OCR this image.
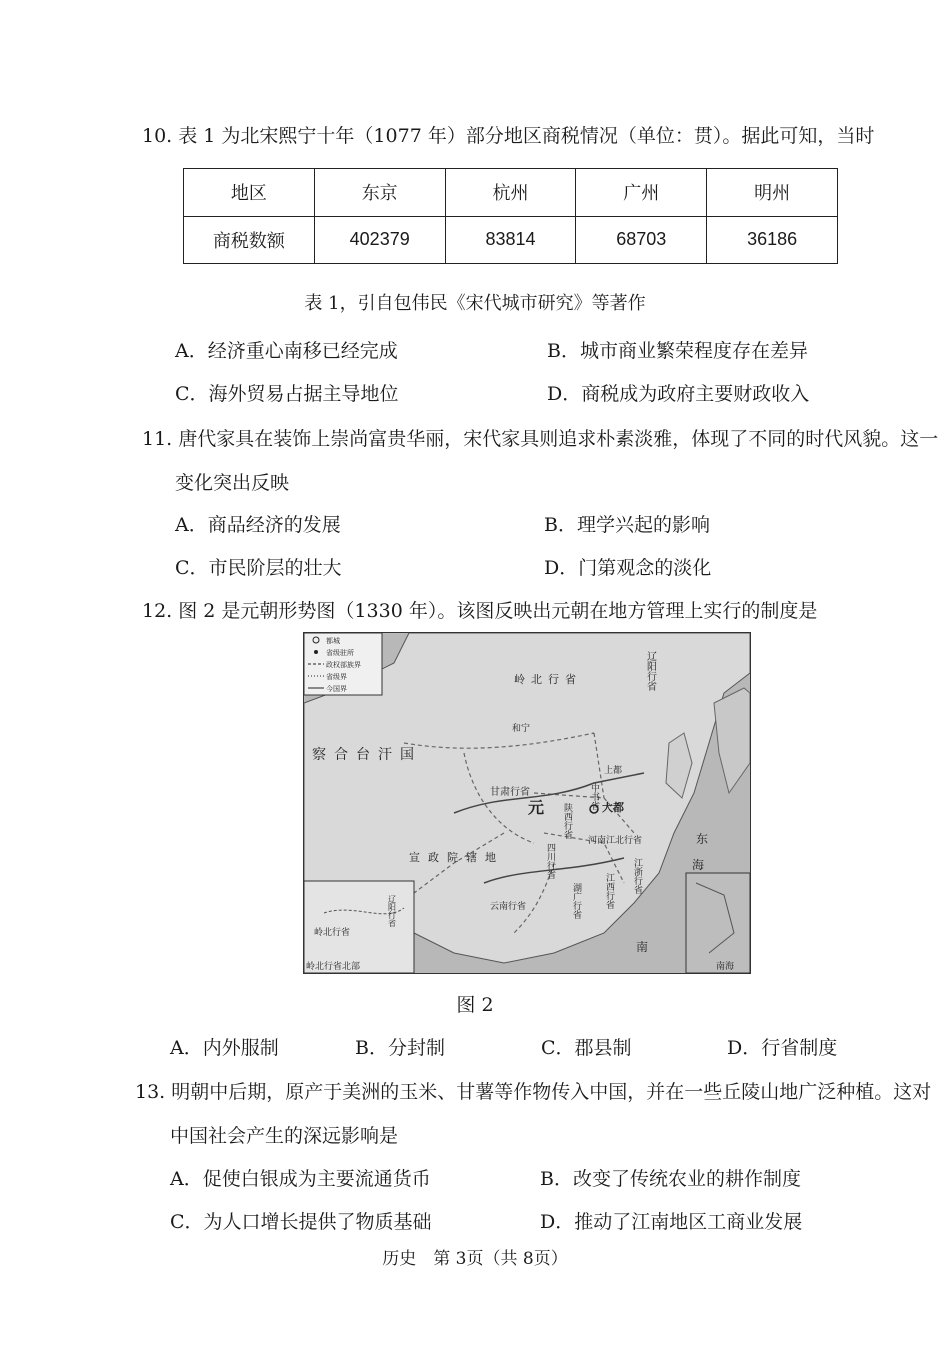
10. 表 1 为北宋熙宁十年（1077 年）部分地区商税情况（单位：贯）。据此可知，当时
地区	东京	杭州	广州	明州
商税数额	402379	83814	68703	36186
表 1，引自包伟民《宋代城市研究》等著作
A．经济重心南移已经完成	B．城市商业繁荣程度存在差异
C．海外贸易占据主导地位	D．商税成为政府主要财政收入
11. 唐代家具在装饰上崇尚富贵华丽，宋代家具则追求朴素淡雅，体现了不同的时代风貌。这一
变化突出反映
A．商品经济的发展	B．理学兴起的影响
C．市民阶层的壮大	D．门第观念的淡化
12. 图 2 是元朝形势图（1330 年）。该图反映出元朝在地方管理上实行的制度是
都城
省级驻所
政权部族界
省级界
今国界
岭北行省	辽阳行省
和宁
察合台汗国
甘肃行省
元	中书省
上都
大都
陕西行省
河南江北行省
宣政院辖地	四川行省
湖广行省	江西行省 江浙行省
云南行省
东
海
南
岭北行省
辽阳行省
岭北行省北部	南海
图 2
A．内外服制	B．分封制	C．郡县制	D．行省制度
13. 明朝中后期，原产于美洲的玉米、甘薯等作物传入中国，并在一些丘陵山地广泛种植。这对
中国社会产生的深远影响是
A．促使白银成为主要流通货币	B．改变了传统农业的耕作制度
C．为人口增长提供了物质基础	D．推动了江南地区工商业发展
历史　第 3页（共 8页）
